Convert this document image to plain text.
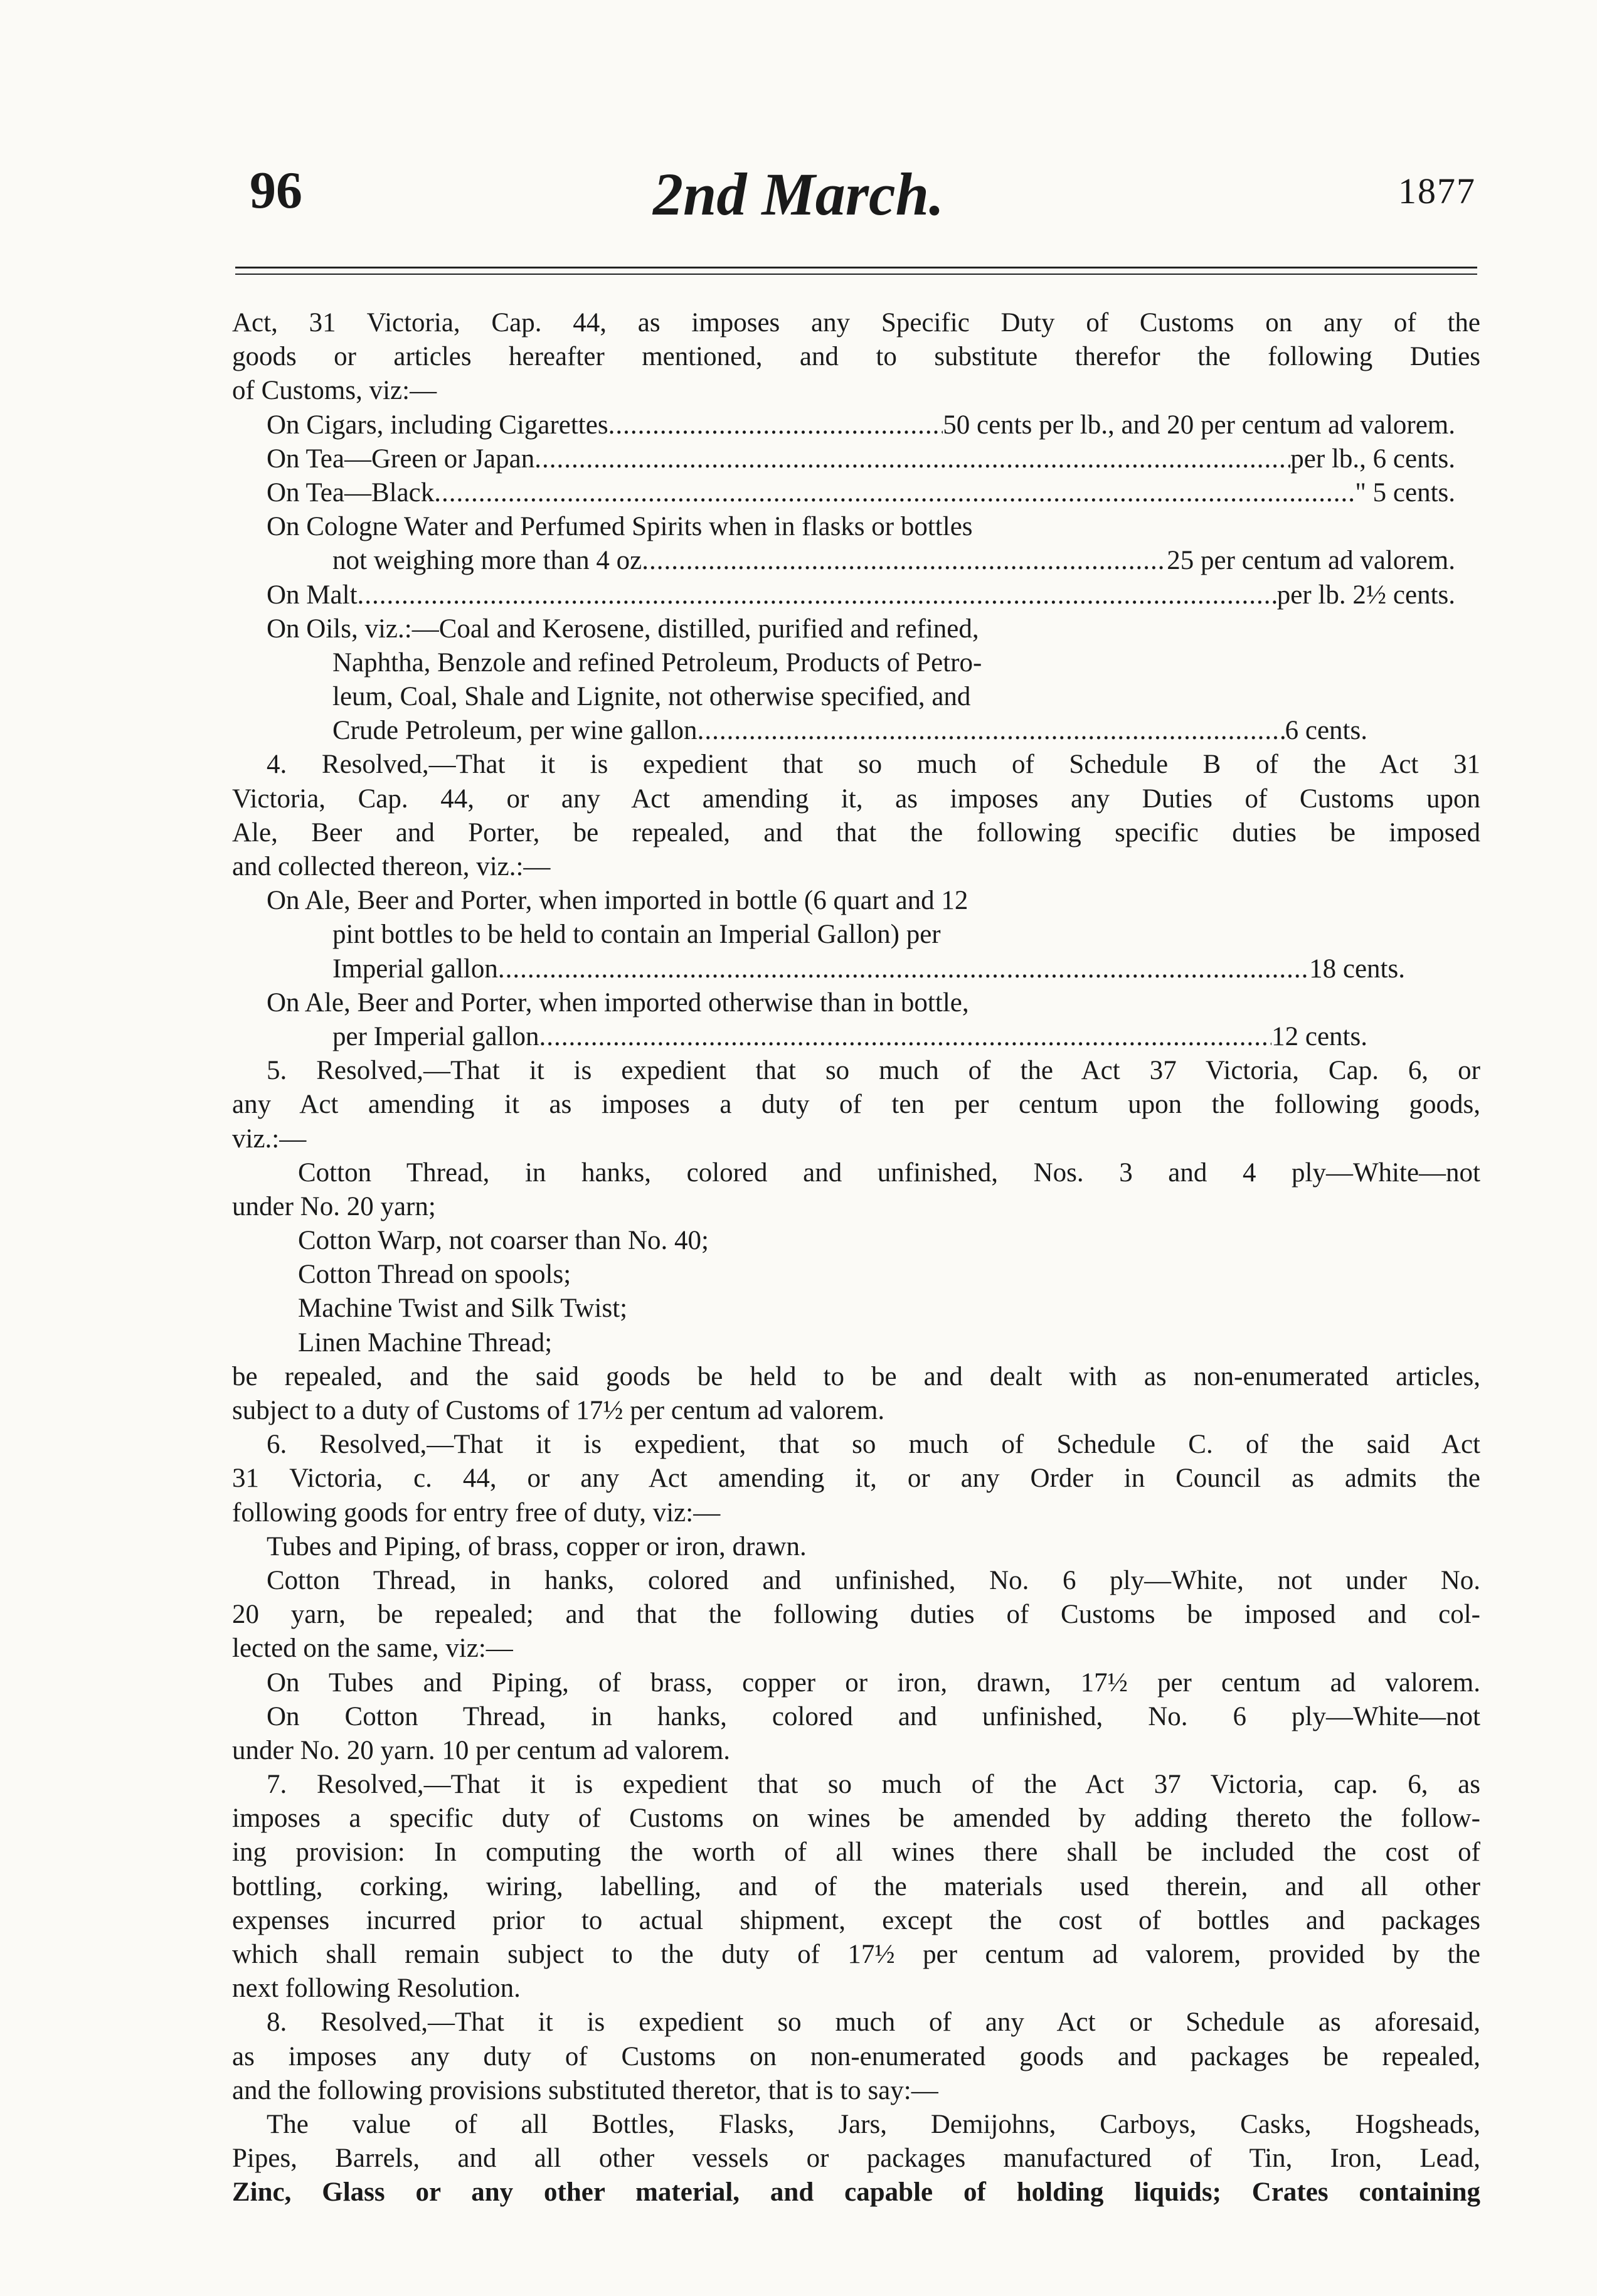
96	2nd March.	1877
Act, 31 Victoria, Cap. 44, as imposes any Specific Duty of Customs on any of the
goods or articles hereafter mentioned, and to substitute therefor the following Duties
of Customs, viz:—
On Cigars, including Cigarettes .....	50 cents per lb., and 20 per centum ad valorem.
On Tea—Green or Japan .....	per lb., 6 cents.
On Tea—Black .....	" 5 cents.
On Cologne Water and Perfumed Spirits when in flasks or bottles
not weighing more than 4 oz .....	25 per centum ad valorem.
On Malt .....	per lb. 2½ cents.
On Oils, viz.:—Coal and Kerosene, distilled, purified and refined,
Naphtha, Benzole and refined Petroleum, Products of Petro-
leum, Coal, Shale and Lignite, not otherwise specified, and
Crude Petroleum, per wine gallon .....	6 cents.
4. Resolved,—That it is expedient that so much of Schedule B of the Act 31
Victoria, Cap. 44, or any Act amending it, as imposes any Duties of Customs upon
Ale, Beer and Porter, be repealed, and that the following specific duties be imposed
and collected thereon, viz.:—
On Ale, Beer and Porter, when imported in bottle (6 quart and 12
pint bottles to be held to contain an Imperial Gallon) per
Imperial gallon .....	18 cents.
On Ale, Beer and Porter, when imported otherwise than in bottle,
per Imperial gallon .....	12 cents.
5. Resolved,—That it is expedient that so much of the Act 37 Victoria, Cap. 6, or
any Act amending it as imposes a duty of ten per centum upon the following goods,
viz.:—
Cotton Thread, in hanks, colored and unfinished, Nos. 3 and 4 ply—White—not
under No. 20 yarn;
Cotton Warp, not coarser than No. 40;
Cotton Thread on spools;
Machine Twist and Silk Twist;
Linen Machine Thread;
be repealed, and the said goods be held to be and dealt with as non-enumerated articles,
subject to a duty of Customs of 17½ per centum ad valorem.
6. Resolved,—That it is expedient, that so much of Schedule C. of the said Act
31 Victoria, c. 44, or any Act amending it, or any Order in Council as admits the
following goods for entry free of duty, viz:—
Tubes and Piping, of brass, copper or iron, drawn.
Cotton Thread, in hanks, colored and unfinished, No. 6 ply—White, not under No.
20 yarn, be repealed; and that the following duties of Customs be imposed and col-
lected on the same, viz:—
On Tubes and Piping, of brass, copper or iron, drawn, 17½ per centum ad valorem.
On Cotton Thread, in hanks, colored and unfinished, No. 6 ply—White—not
under No. 20 yarn. 10 per centum ad valorem.
7. Resolved,—That it is expedient that so much of the Act 37 Victoria, cap. 6, as
imposes a specific duty of Customs on wines be amended by adding thereto the follow-
ing provision: In computing the worth of all wines there shall be included the cost of
bottling, corking, wiring, labelling, and of the materials used therein, and all other
expenses incurred prior to actual shipment, except the cost of bottles and packages
which shall remain subject to the duty of 17½ per centum ad valorem, provided by the
next following Resolution.
8. Resolved,—That it is expedient so much of any Act or Schedule as aforesaid,
as imposes any duty of Customs on non-enumerated goods and packages be repealed,
and the following provisions substituted theretor, that is to say:—
The value of all Bottles, Flasks, Jars, Demijohns, Carboys, Casks, Hogsheads,
Pipes, Barrels, and all other vessels or packages manufactured of Tin, Iron, Lead,
Zinc, Glass or any other material, and capable of holding liquids; Crates containing
